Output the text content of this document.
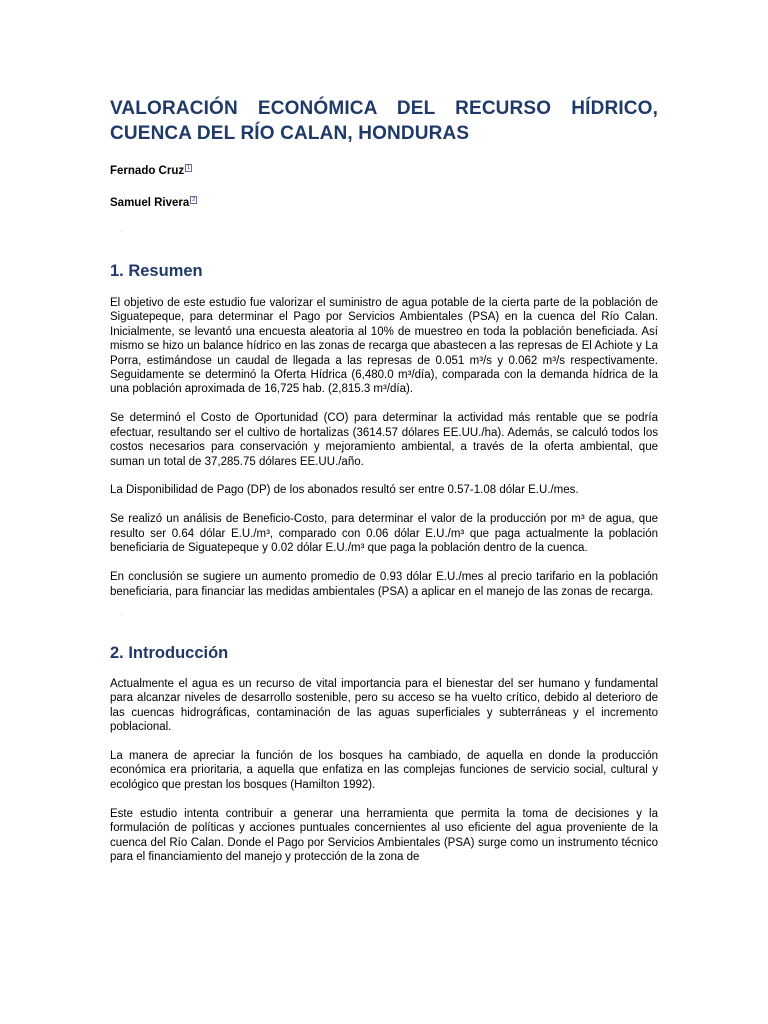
VALORACIÓN ECONÓMICA DEL RECURSO HÍDRICO, CUENCA DEL RÍO CALAN, HONDURAS

Fernado Cruz 1

Samuel Rivera 2

·
1. Resumen

El objetivo de este estudio fue valorizar el suministro de agua potable de la cierta parte de la población de Siguatepeque, para determinar el Pago por Servicios Ambientales (PSA) en la cuenca del Río Calan. Inicialmente, se levantó una encuesta aleatoria al 10% de muestreo en toda la población beneficiada. Así mismo se hizo un balance hídrico en las zonas de recarga que abastecen a las represas de El Achiote y La Porra, estimándose un caudal de llegada a las represas de 0.051 m³/s y 0.062 m³/s respectivamente. Seguidamente se determinó la Oferta Hídrica (6,480.0 m³/día), comparada con la demanda hídrica de la una población aproximada de 16,725 hab. (2,815.3 m³/día).

Se determinó el Costo de Oportunidad (CO) para determinar la actividad más rentable que se podría efectuar, resultando ser el cultivo de hortalizas (3614.57 dólares EE.UU./ha). Además, se calculó todos los costos necesarios para conservación y mejoramiento ambiental, a través de la oferta ambiental, que suman un total de 37,285.75 dólares EE.UU./año.

La Disponibilidad de Pago (DP) de los abonados resultó ser entre 0.57-1.08 dólar E.U./mes.

Se realizó un análisis de Beneficio-Costo, para determinar el valor de la producción por m³ de agua, que resulto ser 0.64 dólar E.U./m³, comparado con 0.06 dólar E.U./m³ que paga actualmente la población beneficiaria de Siguatepeque y 0.02 dólar E.U./m³ que paga la población dentro de la cuenca.

En conclusión se sugiere un aumento promedio de 0.93 dólar E.U./mes al precio tarifario en la población beneficiaria, para financiar las medidas ambientales (PSA) a aplicar en el manejo de las zonas de recarga.

·
2. Introducción

Actualmente el agua es un recurso de vital importancia para el bienestar del ser humano y fundamental para alcanzar niveles de desarrollo sostenible, pero su acceso se ha vuelto crítico, debido al deterioro de las cuencas hidrográficas, contaminación de las aguas superficiales y subterráneas y el incremento poblacional.

La manera de apreciar la función de los bosques ha cambiado, de aquella en donde la producción económica era prioritaria, a aquella que enfatiza en las complejas funciones de servicio social, cultural y ecológico que prestan los bosques (Hamilton 1992).

Este estudio intenta contribuir a generar una herramienta que permita la toma de decisiones y la formulación de políticas y acciones puntuales concernientes al uso eficiente del agua proveniente de la cuenca del Río Calan. Donde el Pago por Servicios Ambientales (PSA) surge como un instrumento técnico para el financiamiento del manejo y protección de la zona de
